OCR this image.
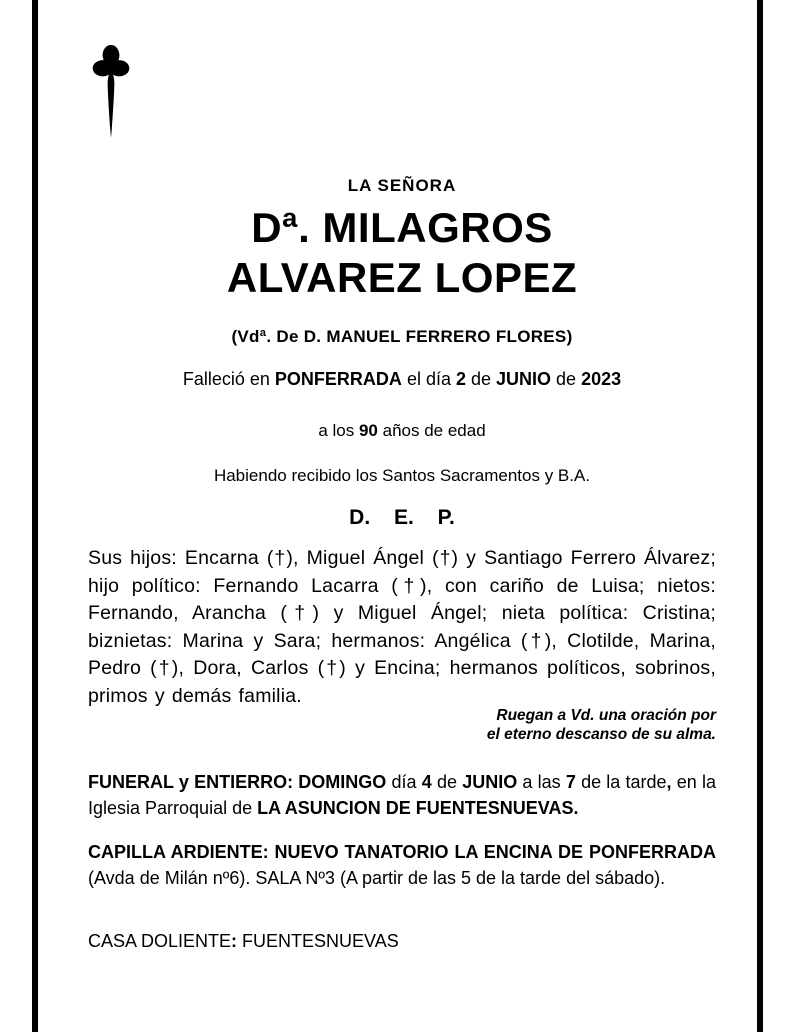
LA SEÑORA
Dª. MILAGROS
ALVAREZ LOPEZ
(Vdª. De D. MANUEL FERRERO FLORES)
Falleció en PONFERRADA el día 2 de JUNIO de 2023
a los 90 años de edad
Habiendo recibido los Santos Sacramentos y B.A.
D. E. P.
Sus hijos: Encarna (†), Miguel Ángel (†) y Santiago Ferrero Álvarez; hijo político: Fernando Lacarra (†), con cariño de Luisa; nietos: Fernando, Arancha (†) y Miguel Ángel; nieta política: Cristina; biznietas: Marina y Sara; hermanos: Angélica (†), Clotilde, Marina, Pedro (†), Dora, Carlos (†) y Encina; hermanos políticos, sobrinos, primos y demás familia.
Ruegan a Vd. una oración por
el eterno descanso de su alma.
FUNERAL y ENTIERRO: DOMINGO día 4 de JUNIO a las 7 de la tarde, en la Iglesia Parroquial de LA ASUNCION DE FUENTESNUEVAS.
CAPILLA ARDIENTE: NUEVO TANATORIO LA ENCINA DE PONFERRADA (Avda de Milán nº6). SALA Nº3 (A partir de las 5 de la tarde del sábado).
CASA DOLIENTE: FUENTESNUEVAS
